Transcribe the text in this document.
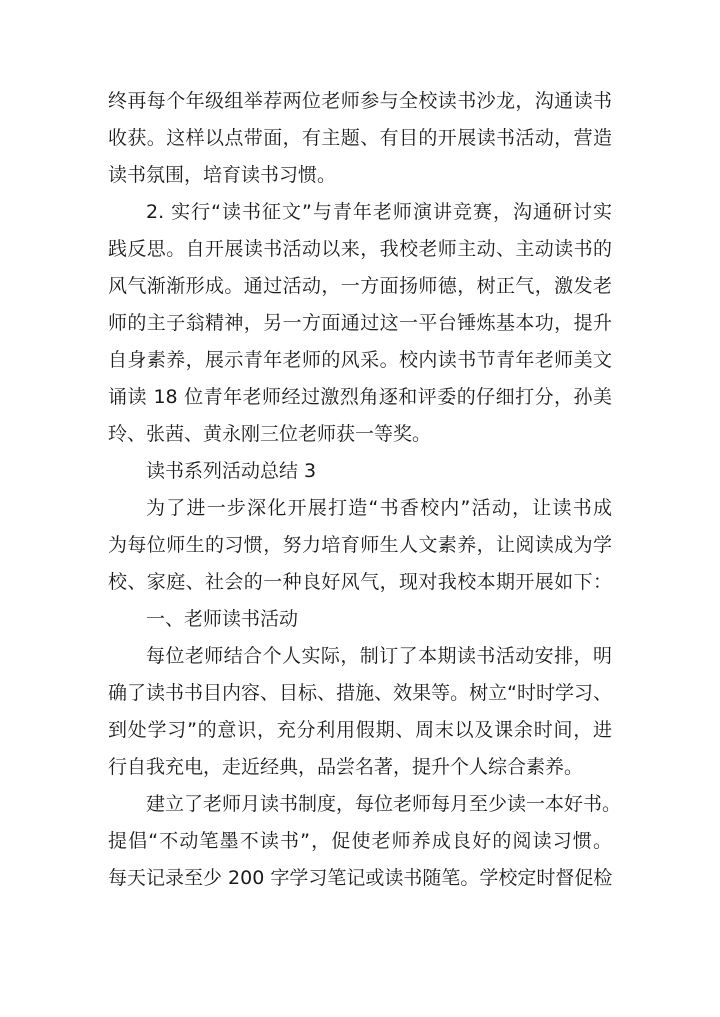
终再每个年级组举荐两位老师参与全校读书沙龙，沟通读书
收获。这样以点带面，有主题、有目的开展读书活动，营造
读书氛围，培育读书习惯。
2. 实行“读书征文”与青年老师演讲竞赛，沟通研讨实
践反思。自开展读书活动以来，我校老师主动、主动读书的
风气渐渐形成。通过活动，一方面扬师德，树正气，激发老
师的主子翁精神，另一方面通过这一平台锤炼基本功，提升
自身素养，展示青年老师的风采。校内读书节青年老师美文
诵读 18 位青年老师经过激烈角逐和评委的仔细打分，孙美
玲、张茜、黄永刚三位老师获一等奖。
读书系列活动总结 3
为了进一步深化开展打造“书香校内”活动，让读书成
为每位师生的习惯，努力培育师生人文素养，让阅读成为学
校、家庭、社会的一种良好风气，现对我校本期开展如下：
一、老师读书活动
每位老师结合个人实际，制订了本期读书活动安排，明
确了读书书目内容、目标、措施、效果等。树立“时时学习、
到处学习”的意识，充分利用假期、周末以及课余时间，进
行自我充电，走近经典，品尝名著，提升个人综合素养。
建立了老师月读书制度，每位老师每月至少读一本好书。
提倡“不动笔墨不读书”，促使老师养成良好的阅读习惯。
每天记录至少 200 字学习笔记或读书随笔。学校定时督促检
